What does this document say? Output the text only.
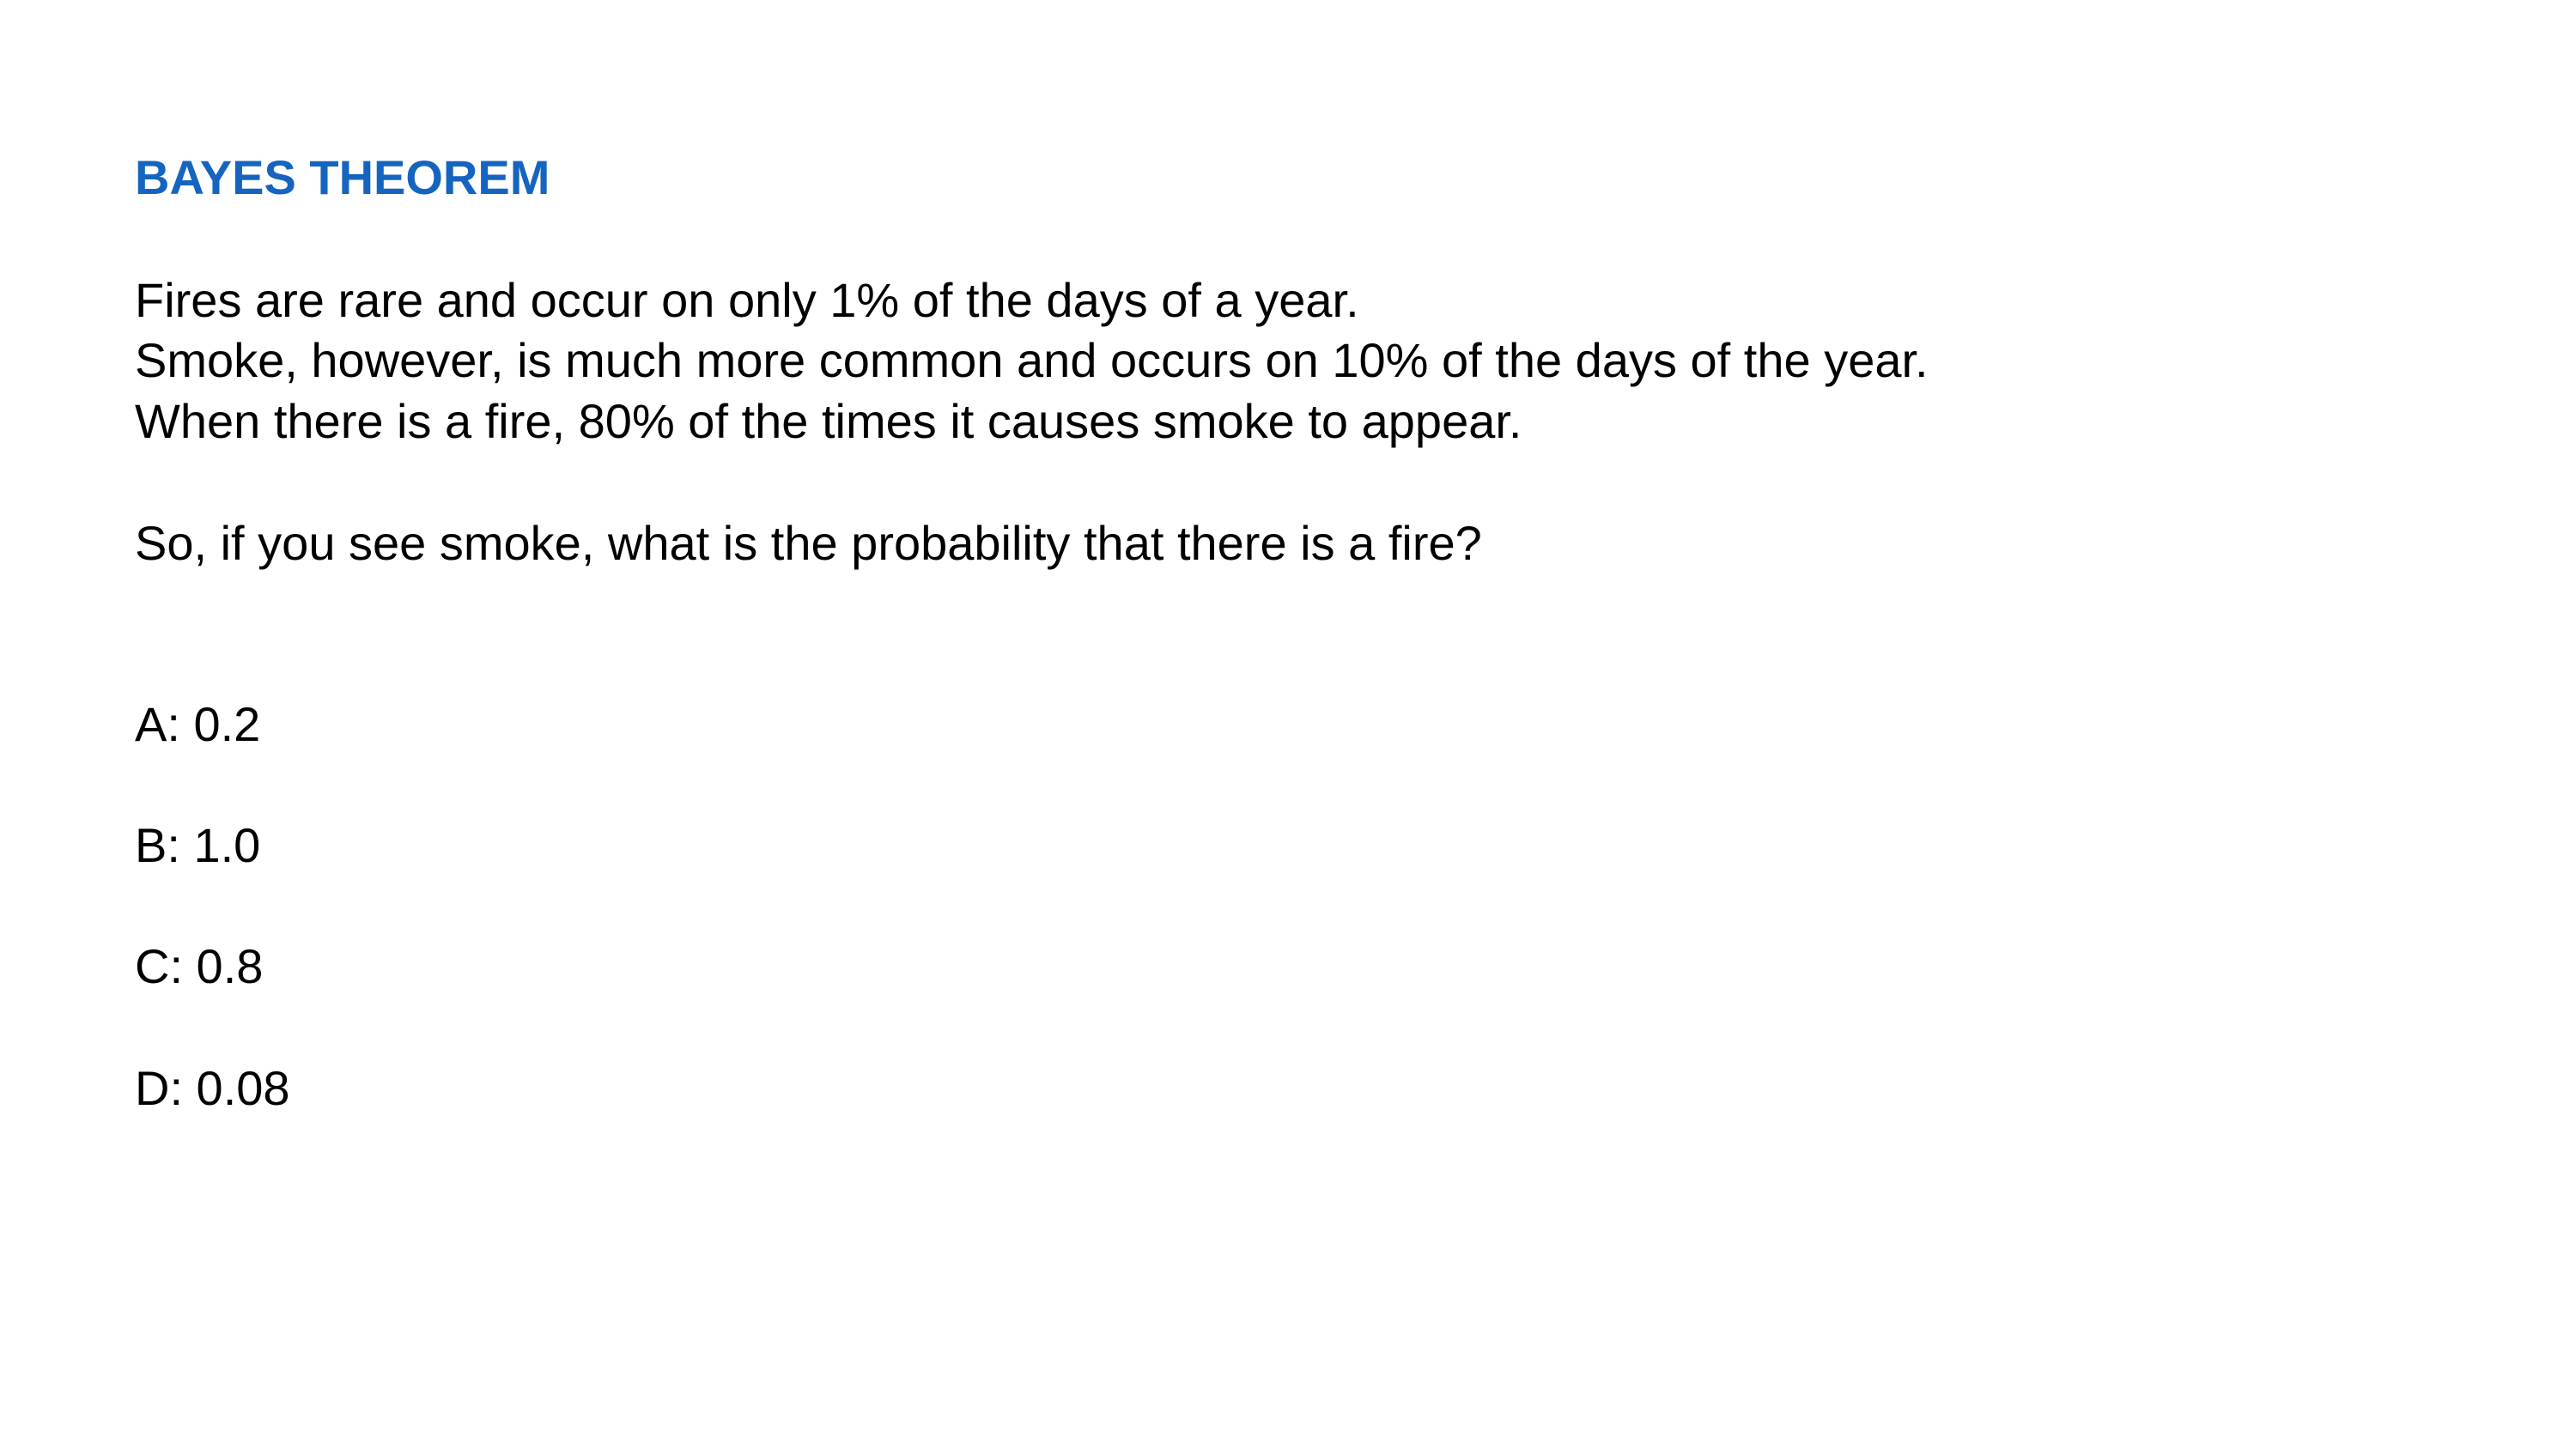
BAYES THEOREM
Fires are rare and occur on only 1% of the days of a year.
Smoke, however, is much more common and occurs on 10% of the days of the year.
When there is a fire, 80% of the times it causes smoke to appear.
So, if you see smoke, what is the probability that there is a fire?
A: 0.2
B: 1.0
C: 0.8
D: 0.08
